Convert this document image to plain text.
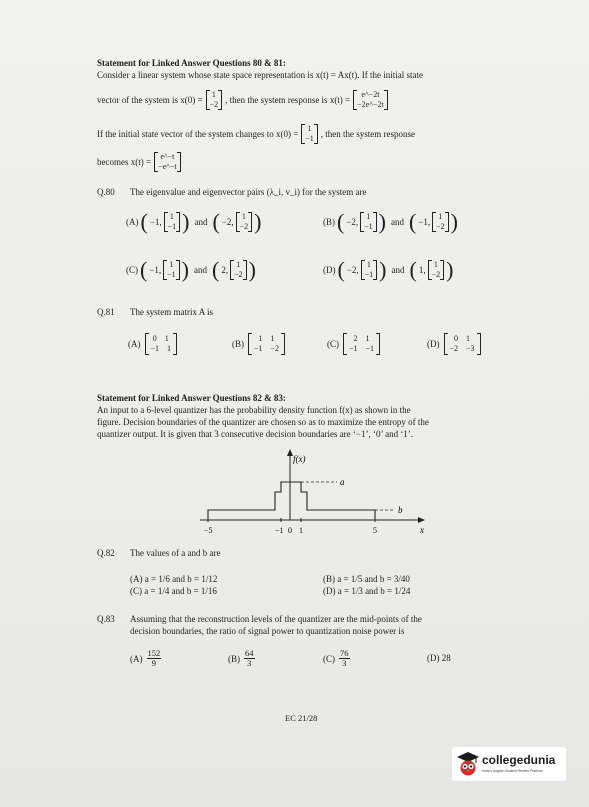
Statement for Linked Answer Questions 80 & 81:
Consider a linear system whose state space representation is x(t) = Ax(t). If the initial state
vector of the system is x(0) =
1
−2 , then the system response is x(t) =
e^−2t
−2e^−2t
If the initial state vector of the system changes to x(0) =
1
−1 , then the system response
becomes x(t) =
e^−t
−e^−t
Q.80 The eigenvalue and eigenvector pairs (λ_i, v_i) for the system are
(A) ( −1,
1
−1 ) and ( −2,
1
−2 )	(B) ( −2,
1
−1 ) and ( −1,
1
−2 )
(C) ( −1,
1
−1 ) and ( 2,
1
−2 )	(D) ( −2,
1
−1 ) and ( 1,
1
−2 )
Q.81 The system matrix A is
(A)
0 1
−1 1	(B)
1 1
−1 −2	(C)
2 1
−1 −1	(D)
0 1
−2 −3
Statement for Linked Answer Questions 82 & 83:
An input to a 6-level quantizer has the probability density function f(x) as shown in the
figure. Decision boundaries of the quantizer are chosen so as to maximize the entropy of the
quantizer output. It is given that 3 consecutive decision boundaries are ‘−1’, ‘0’ and ‘1’.
f(x)
a
b
x
−5	−1 0 1	5
Q.82 The values of a and b are
(A) a = 1/6 and b = 1/12	(B) a = 1/5 and b = 3/40
(C) a = 1/4 and b = 1/16	(D) a = 1/3 and b = 1/24
Q.83 Assuming that the reconstruction levels of the quantizer are the mid-points of the
decision boundaries, the ratio of signal power to quantization noise power is
$(A) \frac{152}{9}$	$(B) \frac{64}{3}$	$(C) \frac{76}{3}$	(D) 28
EC 21/28
collegedunia
India's largest Student Review Platform
